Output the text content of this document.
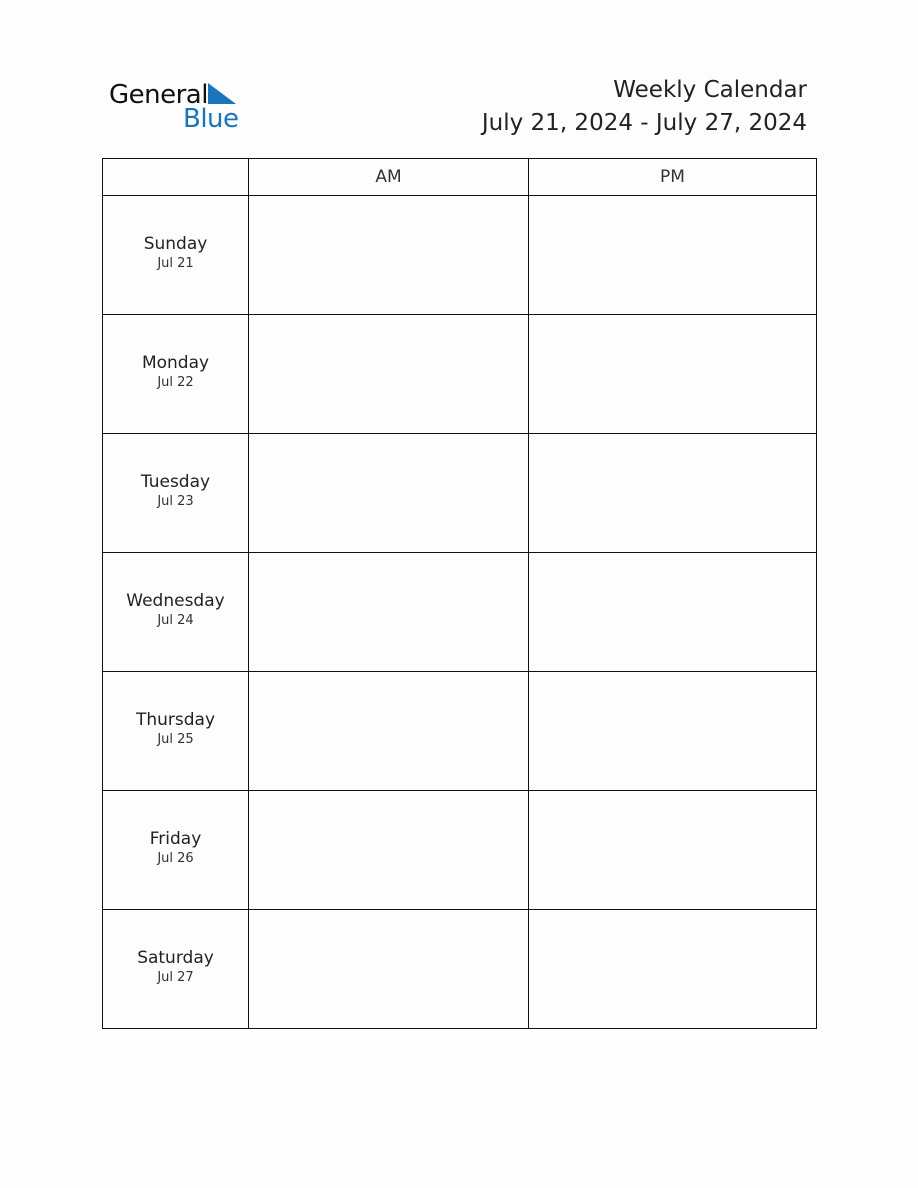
General
Blue
Weekly Calendar
July 21, 2024 - July 27, 2024
	AM	PM

Sunday
Jul 21		

Monday
Jul 22		

Tuesday
Jul 23		

Wednesday
Jul 24		

Thursday
Jul 25		

Friday
Jul 26		

Saturday
Jul 27		
